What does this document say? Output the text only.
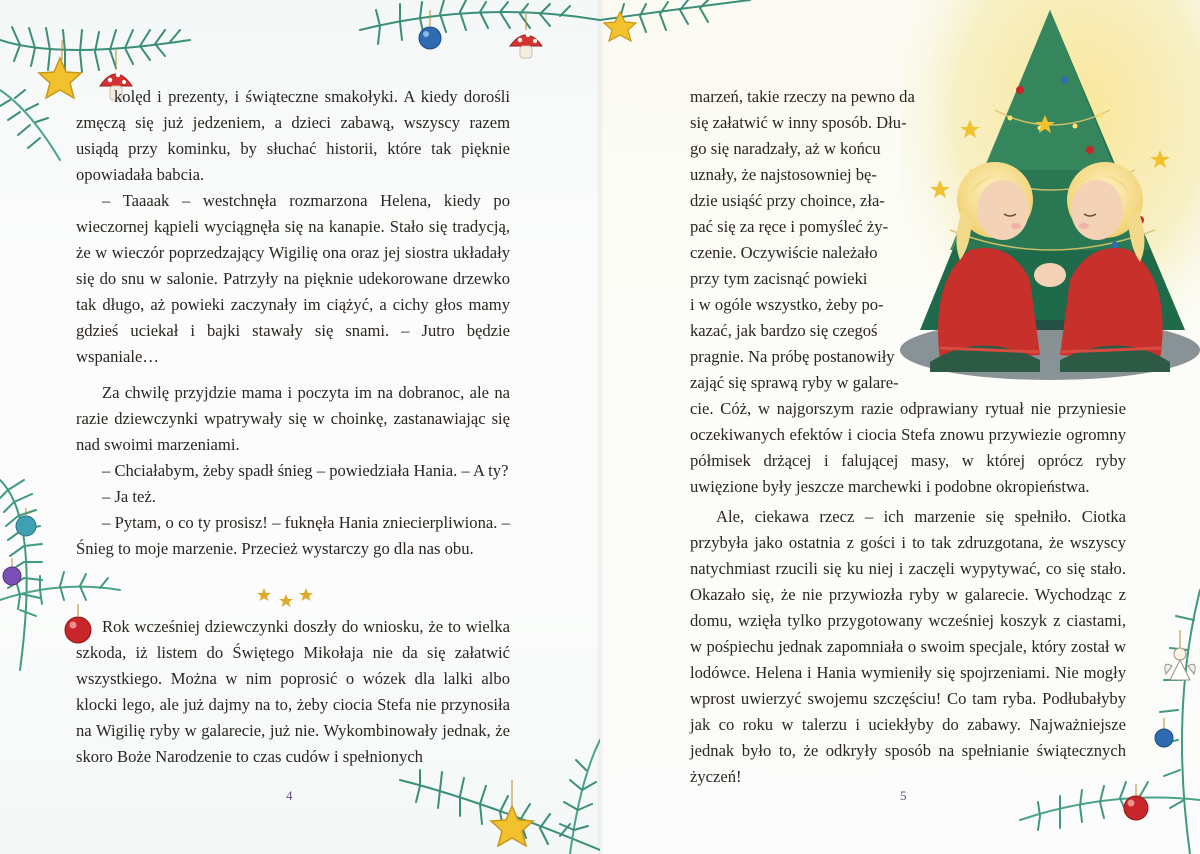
kolęd i prezenty, i świąteczne smakołyki. A kiedy dorośli zmęczą się już jedzeniem, a dzieci zabawą, wszyscy razem usiądą przy kominku, by słuchać historii, które tak pięknie opowiadała babcia.

– Taaaak – westchnęła rozmarzona Helena, kiedy po wieczornej kąpieli wyciągnęła się na kanapie. Stało się tradycją, że w wieczór poprzedzający Wigilię ona oraz jej siostra układały się do snu w salonie. Patrzyły na pięknie udekorowane drzewko tak długo, aż powieki zaczynały im ciążyć, a cichy głos mamy gdzieś uciekał i bajki stawały się snami. – Jutro będzie wspaniale…

Za chwilę przyjdzie mama i poczyta im na dobranoc, ale na razie dziewczynki wpatrywały się w choinkę, zastanawiając się nad swoimi marzeniami.

– Chciałabym, żeby spadł śnieg – powiedziała Hania. – A ty?

– Ja też.

– Pytam, o co ty prosisz! – fuknęła Hania zniecierpliwiona. – Śnieg to moje marzenie. Przecież wystarczy go dla nas obu.

Rok wcześniej dziewczynki doszły do wniosku, że to wielka szkoda, iż listem do Świętego Mikołaja nie da się załatwić wszystkiego. Można w nim poprosić o wózek dla lalki albo klocki lego, ale już dajmy na to, żeby ciocia Stefa nie przynosiła na Wigilię ryby w galarecie, już nie. Wykombinowały jednak, że skoro Boże Narodzenie to czas cudów i spełnionych

4	5

marzeń, takie rzeczy na pewno da

się załatwić w inny sposób. Dłu-

go się naradzały, aż w końcu

uznały, że najstosowniej bę-

dzie usiąść przy choince, zła-

pać się za ręce i pomyśleć ży-

czenie. Oczywiście należało

przy tym zacisnąć powieki

i w ogóle wszystko, żeby po-

kazać, jak bardzo się czegoś

pragnie. Na próbę postanowiły

zająć się sprawą ryby w galare-

cie. Cóż, w najgorszym razie odprawiany rytuał nie przyniesie oczekiwanych efektów i ciocia Stefa znowu przywiezie ogromny półmisek drżącej i falującej masy, w której oprócz ryby uwięzione były jeszcze marchewki i podobne okropieństwa.

Ale, ciekawa rzecz – ich marzenie się spełniło. Ciotka przybyła jako ostatnia z gości i to tak zdruzgotana, że wszyscy natychmiast rzucili się ku niej i zaczęli wypytywać, co się stało. Okazało się, że nie przywiozła ryby w galarecie. Wychodząc z domu, wzięła tylko przygotowany wcześniej koszyk z ciastami, w pośpiechu jednak zapomniała o swoim specjale, który został w lodówce. Helena i Hania wymieniły się spojrzeniami. Nie mogły wprost uwierzyć swojemu szczęściu! Co tam ryba. Podłubałyby jak co roku w talerzu i uciekłyby do zabawy. Najważniejsze jednak było to, że odkryły sposób na spełnianie świątecznych życzeń!
